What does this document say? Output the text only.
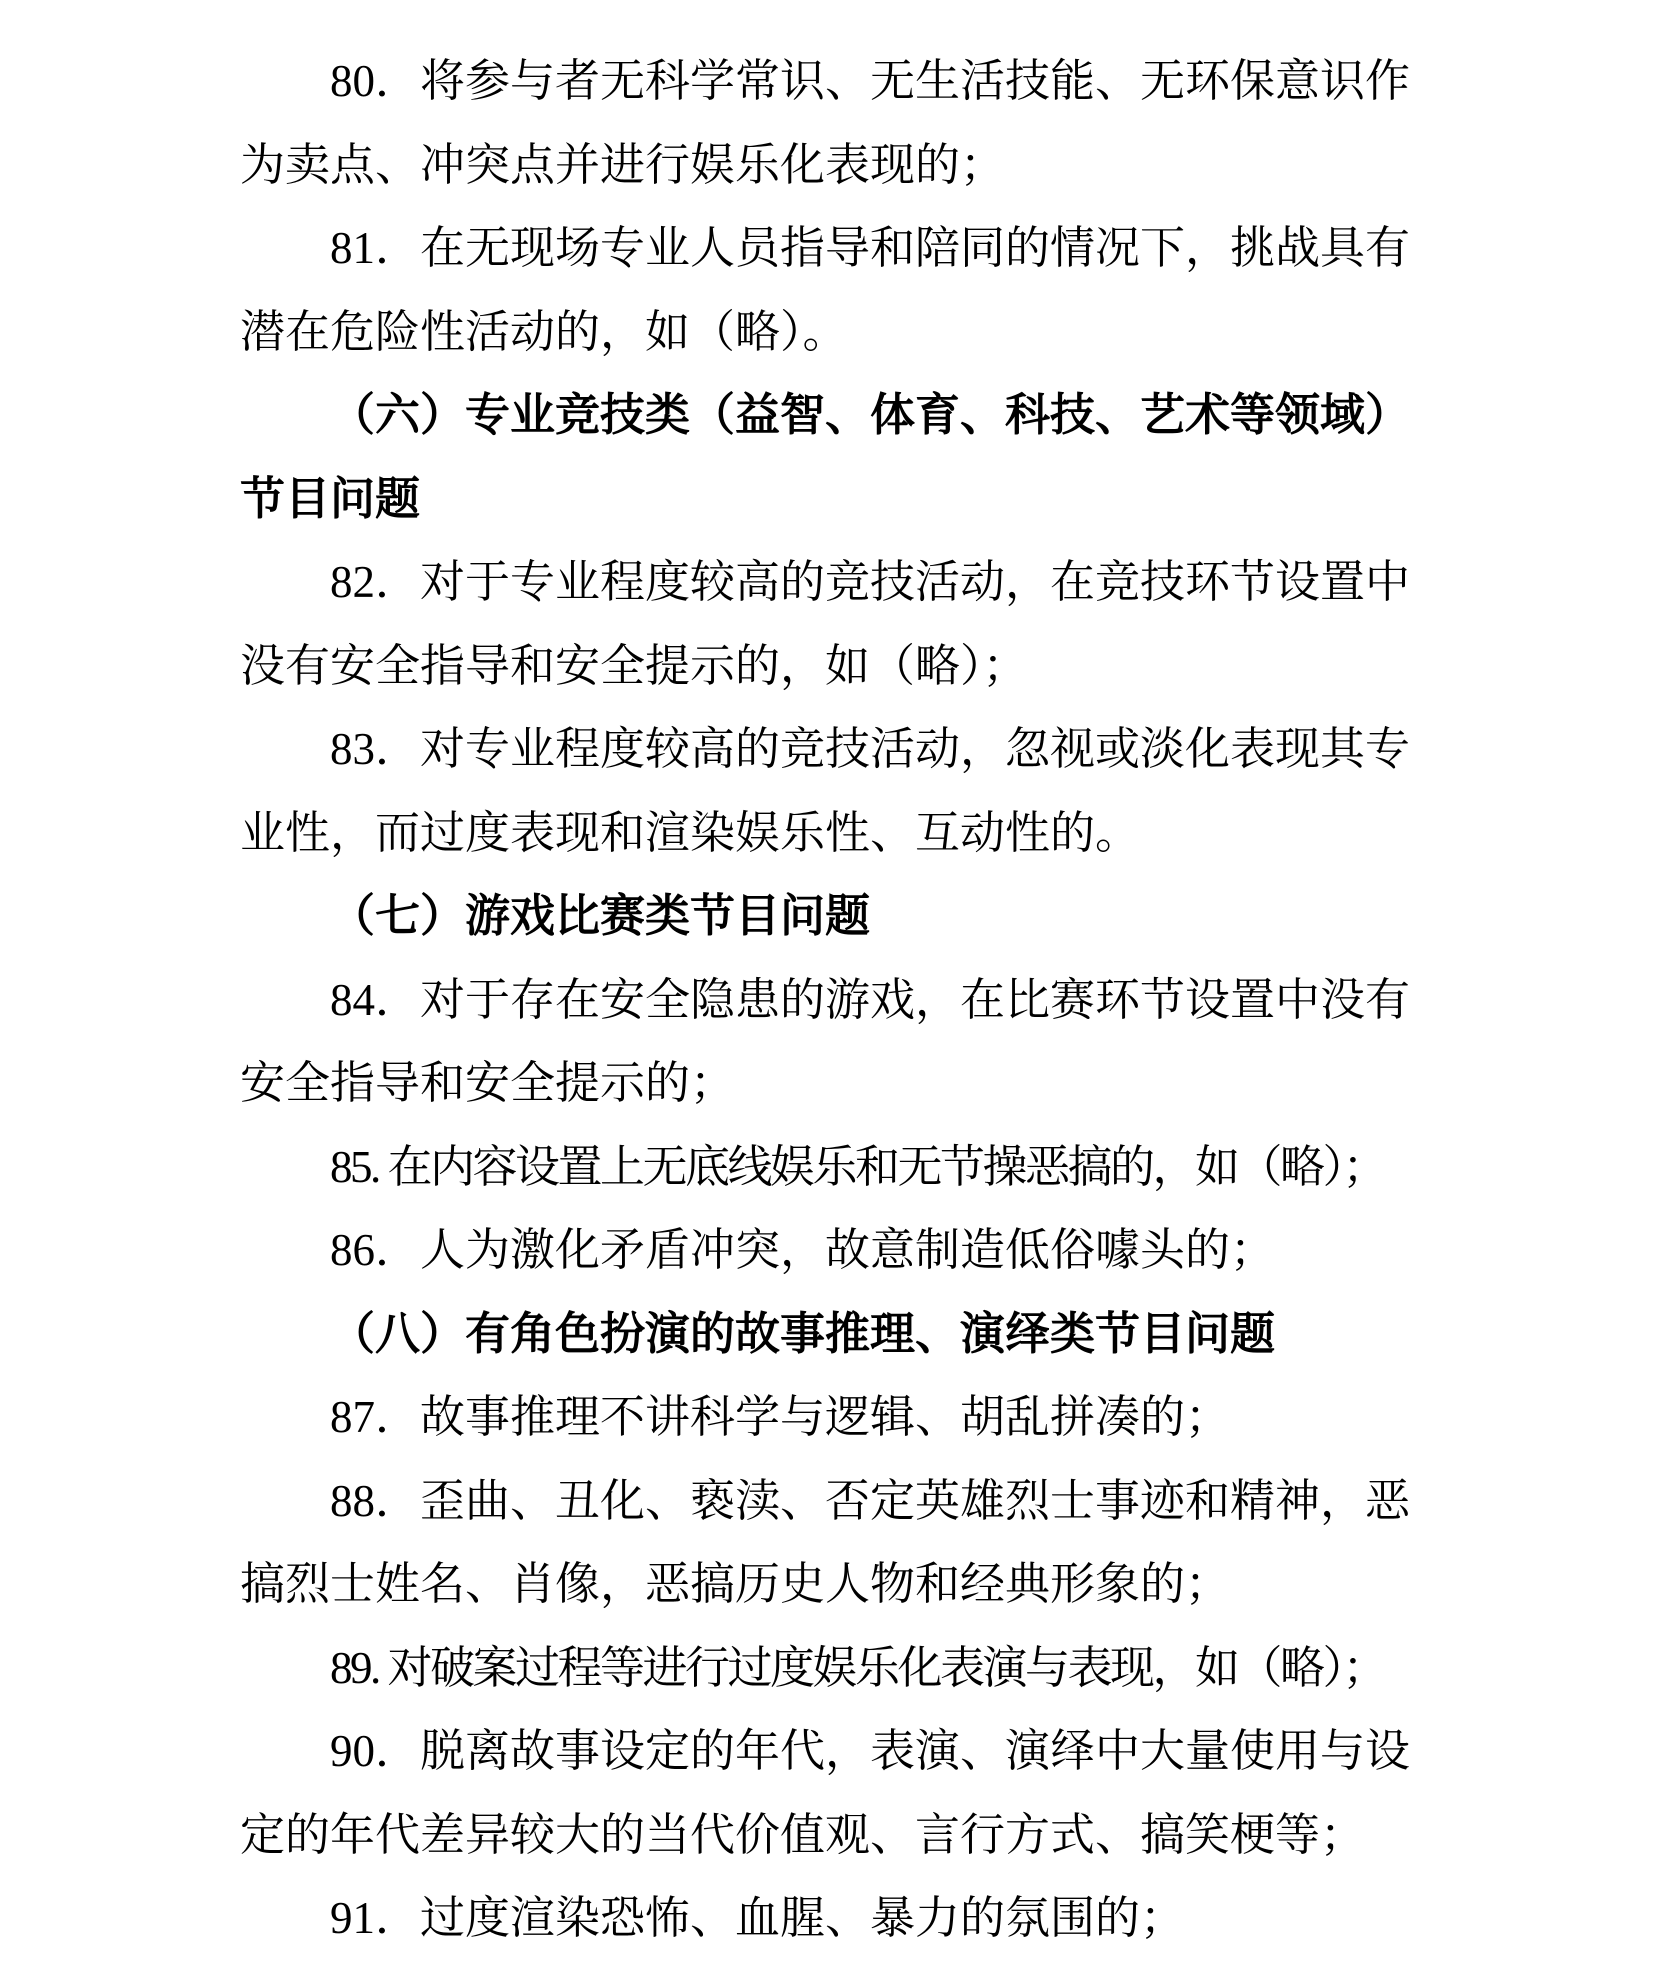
80．将参与者无科学常识、无生活技能、无环保意识作
为卖点、冲突点并进行娱乐化表现的；
81．在无现场专业人员指导和陪同的情况下，挑战具有
潜在危险性活动的，如（略）。
（六）专业竞技类（益智、体育、科技、艺术等领域）
节目问题
82．对于专业程度较高的竞技活动，在竞技环节设置中
没有安全指导和安全提示的，如（略）；
83．对专业程度较高的竞技活动，忽视或淡化表现其专
业性，而过度表现和渲染娱乐性、互动性的。
（七）游戏比赛类节目问题
84．对于存在安全隐患的游戏，在比赛环节设置中没有
安全指导和安全提示的；
85. 在内容设置上无底线娱乐和无节操恶搞的，如（略）；
86．人为激化矛盾冲突，故意制造低俗噱头的；
（八）有角色扮演的故事推理、演绎类节目问题
87．故事推理不讲科学与逻辑、胡乱拼凑的；
88．歪曲、丑化、亵渎、否定英雄烈士事迹和精神，恶
搞烈士姓名、肖像，恶搞历史人物和经典形象的；
89. 对破案过程等进行过度娱乐化表演与表现，如（略）；
90．脱离故事设定的年代，表演、演绎中大量使用与设
定的年代差异较大的当代价值观、言行方式、搞笑梗等；
91．过度渲染恐怖、血腥、暴力的氛围的；
